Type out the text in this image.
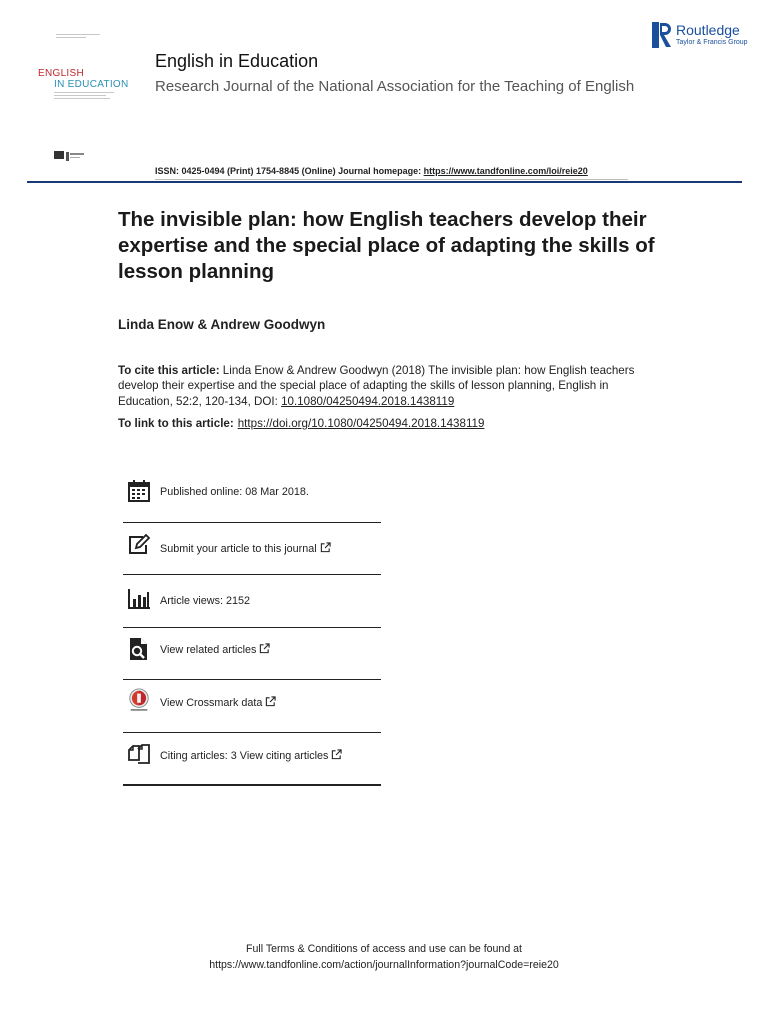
ENGLISH
IN EDUCATION
English in Education
Research Journal of the National Association for the Teaching of English
Routledge
Taylor & Francis Group
ISSN: 0425-0494 (Print) 1754-8845 (Online) Journal homepage: https://www.tandfonline.com/loi/reie20
The invisible plan: how English teachers develop their expertise and the special place of adapting the skills of lesson planning
Linda Enow & Andrew Goodwyn
To cite this article: Linda Enow & Andrew Goodwyn (2018) The invisible plan: how English teachers develop their expertise and the special place of adapting the skills of lesson planning, English in Education, 52:2, 120-134, DOI: 10.1080/04250494.2018.1438119
To link to this article: https://doi.org/10.1080/04250494.2018.1438119
Published online: 08 Mar 2018.
Submit your article to this journal
Article views: 2152
View related articles
View Crossmark data
Citing articles: 3 View citing articles
Full Terms & Conditions of access and use can be found at
https://www.tandfonline.com/action/journalInformation?journalCode=reie20
